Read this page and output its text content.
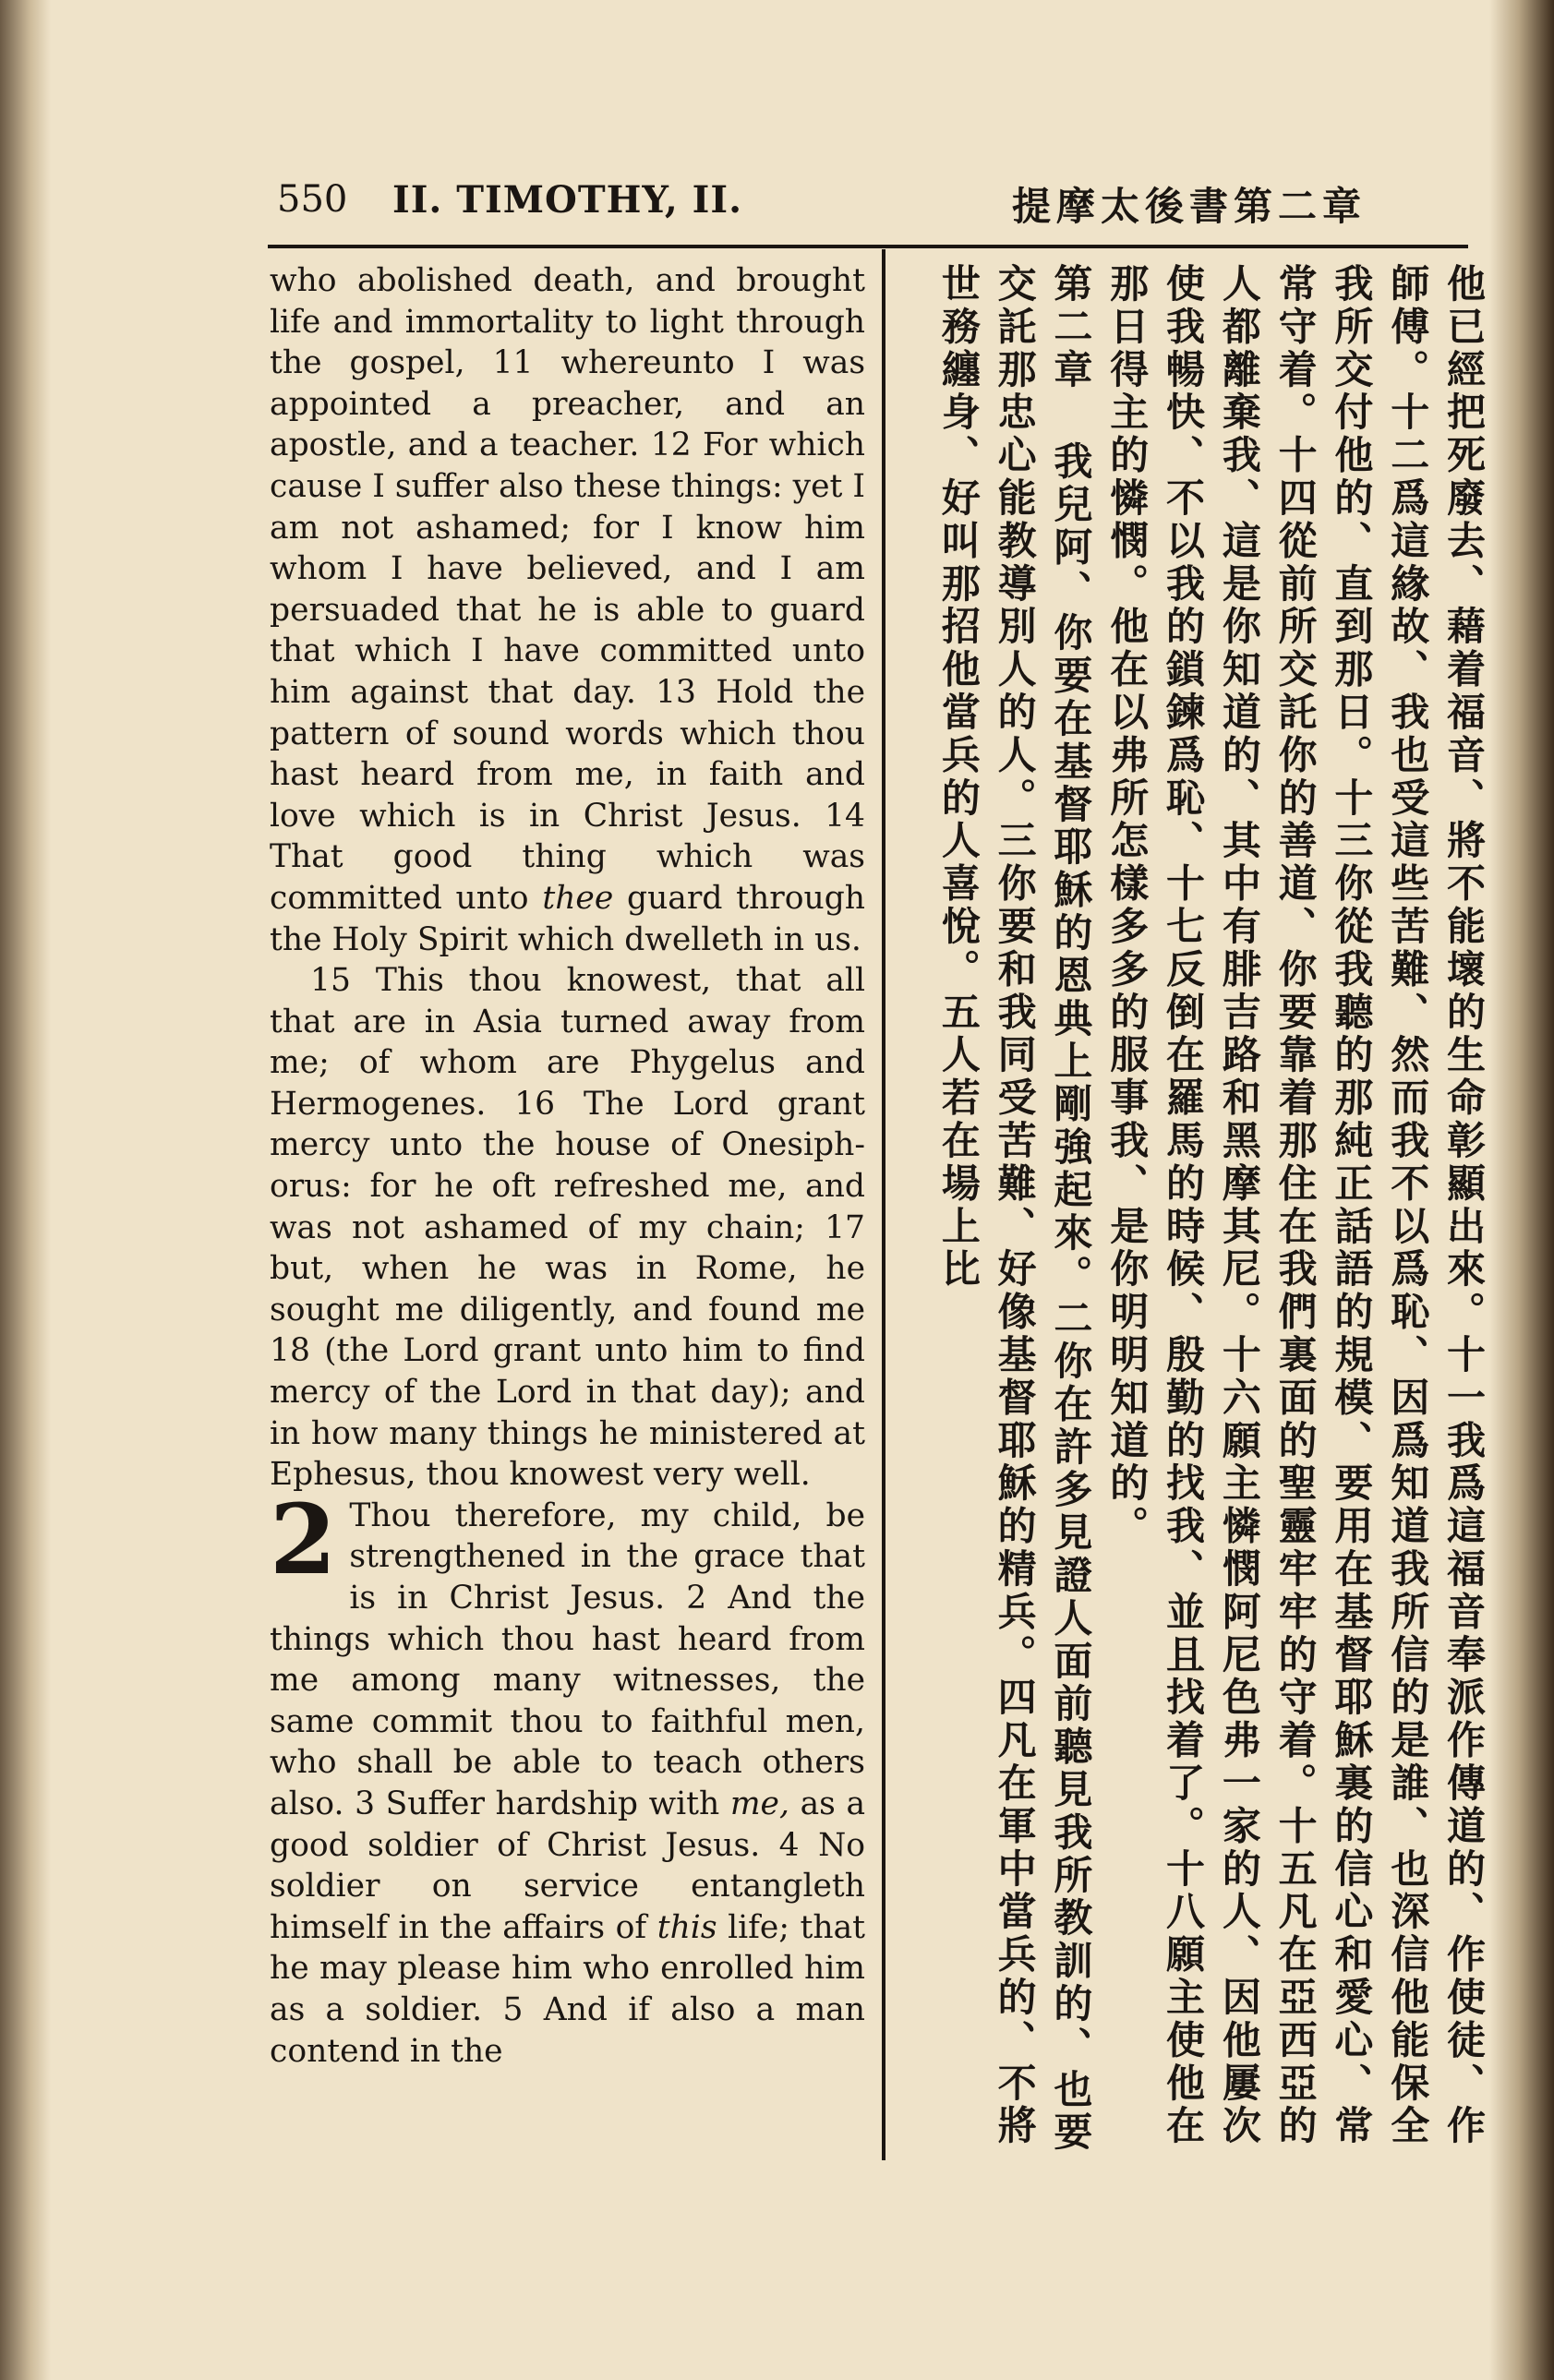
550 II. TIMOTHY, II.	提摩太後書第二章

who abolished death, and brought life and immortality to light through the gospel, 11 whereunto I was appointed a preacher, and an apostle, and a teacher. 12 For which cause I suffer also these things: yet I am not ashamed; for I know him whom I have believed, and I am persuaded that he is able to guard that which I have committed unto him against that day. 13 Hold the pattern of sound words which thou hast heard from me, in faith and love which is in Christ Jesus. 14 That good thing which was committed unto thee guard through the Holy Spirit which dwelleth in us.

15 This thou knowest, that all that are in Asia turned away from me; of whom are Phygelus and Hermogenes. 16 The Lord grant mercy unto the house of Onesiphorus: for he oft refreshed me, and was not ashamed of my chain; 17 but, when he was in Rome, he sought me diligently, and found me 18 (the Lord grant unto him to find mercy of the Lord in that day); and in how many things he ministered at Ephesus, thou knowest very well.

2 Thou therefore, my child, be strengthened in the grace that is in Christ Jesus. 2 And the things which thou hast heard from me among many witnesses, the same commit thou to faithful men, who shall be able to teach others also. 3 Suffer hardship with me, as a good soldier of Christ Jesus. 4 No soldier on service entangleth himself in the affairs of this life; that he may please him who enrolled him as a soldier. 5 And if also a man contend in the	他已經把死廢去、藉着福音、將不能壞的生命彰顯出來。十一我爲這福音奉派作傳道的、作使徒、作師傅。十二爲這緣故、我也受這些苦難、然而我不以爲恥、因爲知道我所信的是誰、也深信他能保全我所交付他的、直到那日。十三你從我聽的那純正話語的規模、要用在基督耶穌裏的信心和愛心、常常守着。十四從前所交託你的善道、你要靠着那住在我們裏面的聖靈牢牢的守着。十五凡在亞西亞的人都離棄我、這是你知道的、其中有腓吉路和黑摩其尼。十六願主憐憫阿尼色弗一家的人、因他屢次使我暢快、不以我的鎖鍊爲恥、十七反倒在羅馬的時候、殷勤的找我、並且找着了。十八願主使他在那日得主的憐憫。他在以弗所怎樣多多的服事我、是你明明知道的。

第二章 我兒阿、你要在基督耶穌的恩典上剛強起來。二你在許多見證人面前聽見我所教訓的、也要交託那忠心能教導別人的人。三你要和我同受苦難、好像基督耶穌的精兵。四凡在軍中當兵的、不將世務纏身、好叫那招他當兵的人喜悅。五人若在場上比
